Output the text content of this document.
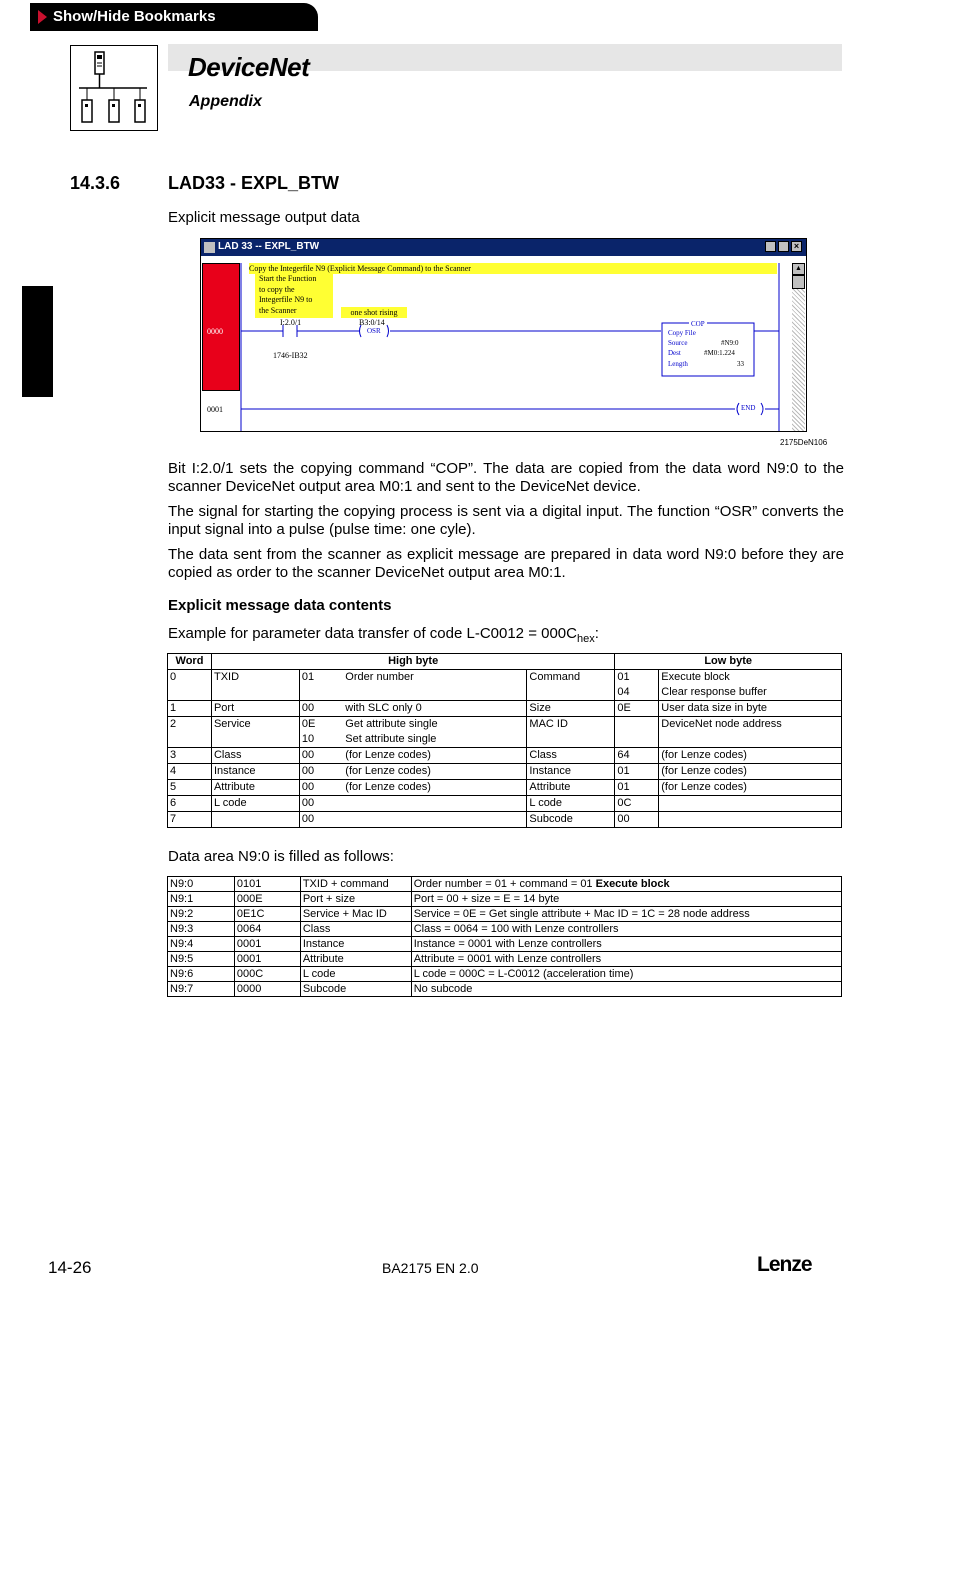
Show/Hide Bookmarks
DeviceNet
Appendix
14.3.6	LAD33 - EXPL_BTW
Explicit message output data
LAD 33 -- EXPL_BTW	×
0000
0001
Copy the Integerfile N9 (Explicit Message Command) to the Scanner
Start the Function
to copy the
Integerfile N9 to
the Scanner	one shot rising
I:2.0/1
1746-IB32
B3:0/14
OSR
COP
Copy File
Source	#N9:0
Dest	#M0:1.224
Length	33
END
▲
2175DeN106
Bit I:2.0/1 sets the copying command “COP”. The data are copied from the data word N9:0 to the scanner DeviceNet output area M0:1 and sent to the DeviceNet device.
The signal for starting the copying process is sent via a digital input. The function “OSR” converts the input signal into a pulse (pulse time: one cyle).
The data sent from the scanner as explicit message are prepared in data word N9:0 before they are copied as order to the scanner DeviceNet output area M0:1.
Explicit message data contents
Example for parameter data transfer of code $L-C0012 = 000C_{hex}$:
Word	High byte				Low byte	
0	TXID	01	Order number	Command	01	Execute block
					04	Clear response buffer
1	Port	00	with SLC only 0	Size	0E	User data size in byte
2	Service	0E	Get attribute single	MAC ID		DeviceNet node address
		10	Set attribute single			
3	Class	00	(for Lenze codes)	Class	64	(for Lenze codes)
4	Instance	00	(for Lenze codes)	Instance	01	(for Lenze codes)
5	Attribute	00	(for Lenze codes)	Attribute	01	(for Lenze codes)
6	L code	00		L code	0C	
7		00		Subcode	00	
Data area N9:0 is filled as follows:
N9:0	0101	TXID + command	Order number = 01 + command = 01 Execute block
N9:1	000E	Port + size	Port = 00 + size = E = 14 byte
N9:2	0E1C	Service + Mac ID	Service = 0E = Get single attribute + Mac ID = 1C = 28 node address
N9:3	0064	Class	Class = 0064 = 100 with Lenze controllers
N9:4	0001	Instance	Instance = 0001 with Lenze controllers
N9:5	0001	Attribute	Attribute = 0001 with Lenze controllers
N9:6	000C	L code	L code = 000C = L-C0012 (acceleration time)
N9:7	0000	Subcode	No subcode
14-26	BA2175 EN 2.0	Lenze
